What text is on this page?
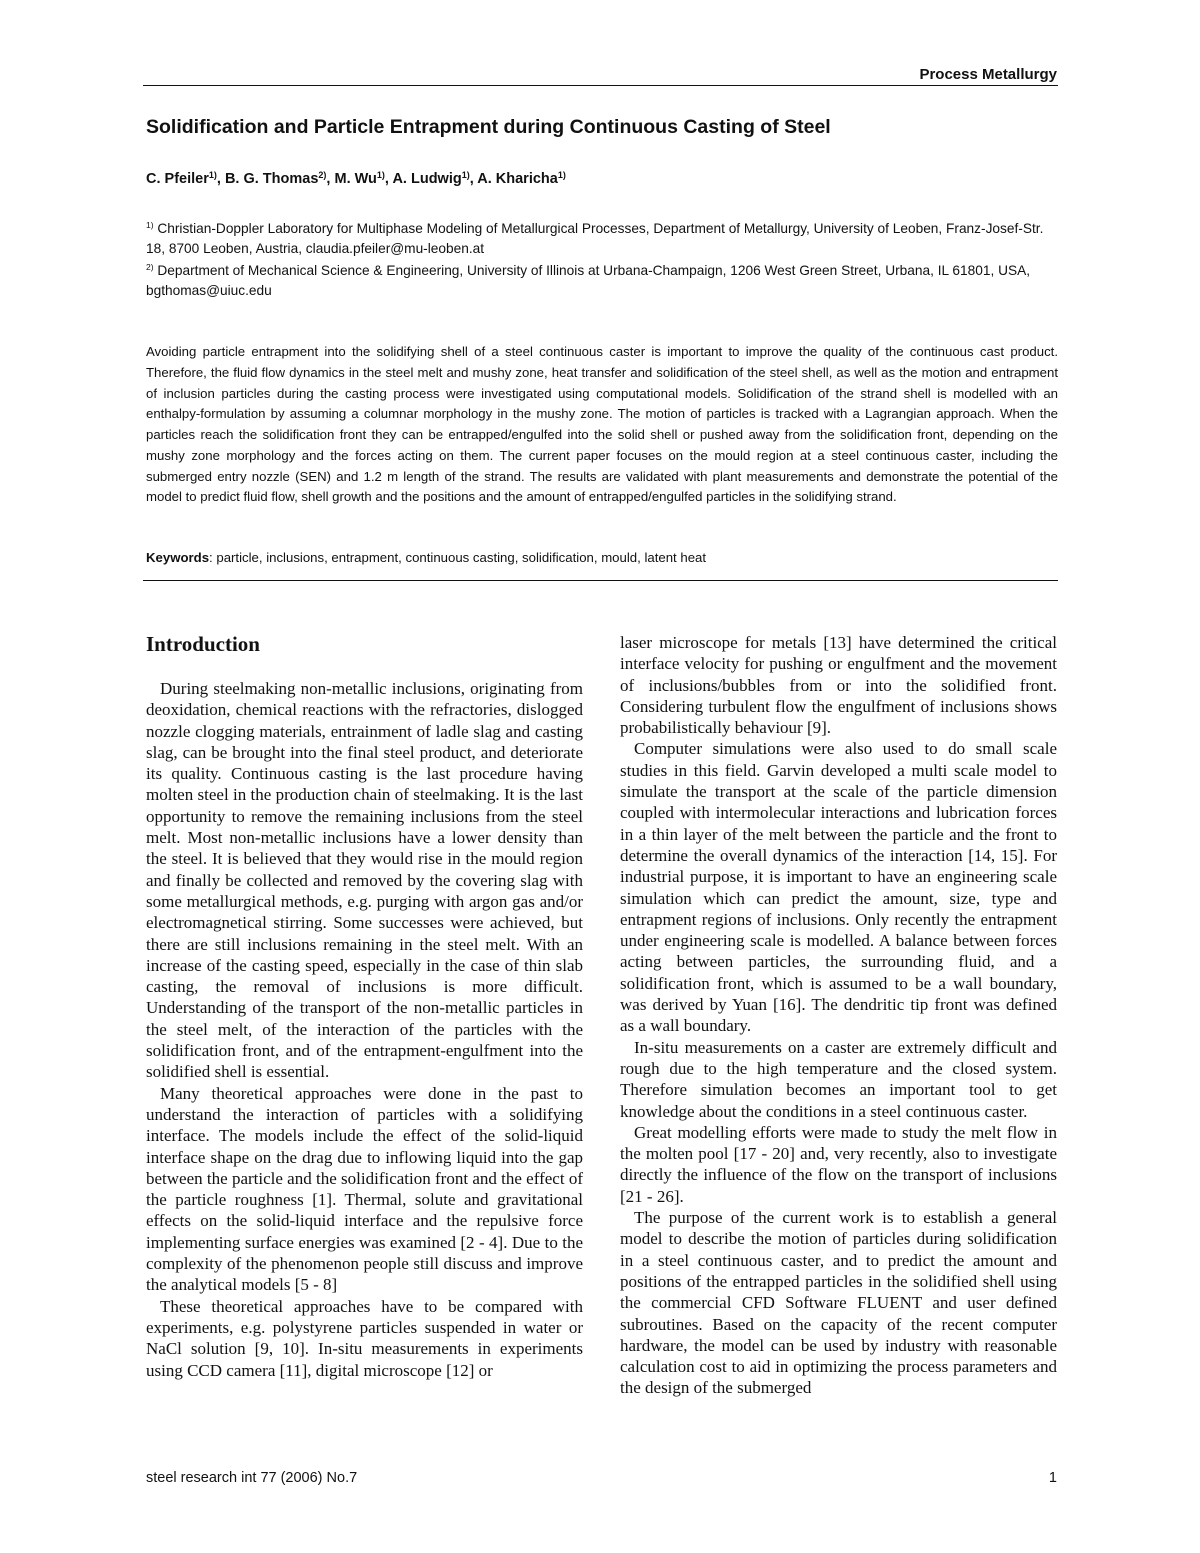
Process Metallurgy
Solidification and Particle Entrapment during Continuous Casting of Steel
C. Pfeiler$^{1)}$, B. G. Thomas$^{2)}$, M. Wu$^{1)}$, A. Ludwig$^{1)}$, A. Kharicha$^{1)}$
$^{1)}$ Christian-Doppler Laboratory for Multiphase Modeling of Metallurgical Processes, Department of Metallurgy, University of Leoben, Franz-Josef-Str. 18, 8700 Leoben, Austria, claudia.pfeiler@mu-leoben.at
$^{2)}$ Department of Mechanical Science & Engineering, University of Illinois at Urbana-Champaign, 1206 West Green Street, Urbana, IL 61801, USA, bgthomas@uiuc.edu
Avoiding particle entrapment into the solidifying shell of a steel continuous caster is important to improve the quality of the continuous cast product. Therefore, the fluid flow dynamics in the steel melt and mushy zone, heat transfer and solidification of the steel shell, as well as the motion and entrapment of inclusion particles during the casting process were investigated using computational models. Solidification of the strand shell is modelled with an enthalpy-formulation by assuming a columnar morphology in the mushy zone. The motion of particles is tracked with a Lagrangian approach. When the particles reach the solidification front they can be entrapped/engulfed into the solid shell or pushed away from the solidification front, depending on the mushy zone morphology and the forces acting on them. The current paper focuses on the mould region at a steel continuous caster, including the submerged entry nozzle (SEN) and 1.2 m length of the strand. The results are validated with plant measurements and demonstrate the potential of the model to predict fluid flow, shell growth and the positions and the amount of entrapped/engulfed particles in the solidifying strand.
Keywords: particle, inclusions, entrapment, continuous casting, solidification, mould, latent heat
Introduction

During steelmaking non-metallic inclusions, originating from deoxidation, chemical reactions with the refractories, dislogged nozzle clogging materials, entrainment of ladle slag and casting slag, can be brought into the final steel product, and deteriorate its quality. Continuous casting is the last procedure having molten steel in the production chain of steelmaking. It is the last opportunity to remove the remaining inclusions from the steel melt. Most non-metallic inclusions have a lower density than the steel. It is believed that they would rise in the mould region and finally be collected and removed by the covering slag with some metallurgical methods, e.g. purging with argon gas and/or electromagnetical stirring. Some successes were achieved, but there are still inclusions remaining in the steel melt. With an increase of the casting speed, especially in the case of thin slab casting, the removal of inclusions is more difficult. Understanding of the transport of the non-metallic particles in the steel melt, of the interaction of the particles with the solidification front, and of the entrapment-engulfment into the solidified shell is essential.

Many theoretical approaches were done in the past to understand the interaction of particles with a solidifying interface. The models include the effect of the solid-liquid interface shape on the drag due to inflowing liquid into the gap between the particle and the solidification front and the effect of the particle roughness [1]. Thermal, solute and gravitational effects on the solid-liquid interface and the repulsive force implementing surface energies was examined [2 - 4]. Due to the complexity of the phenomenon people still discuss and improve the analytical models [5 - 8]

These theoretical approaches have to be compared with experiments, e.g. polystyrene particles suspended in water or NaCl solution [9, 10]. In-situ measurements in experiments using CCD camera [11], digital microscope [12] or

laser microscope for metals [13] have determined the critical interface velocity for pushing or engulfment and the movement of inclusions/bubbles from or into the solidified front. Considering turbulent flow the engulfment of inclusions shows probabilistically behaviour [9].

Computer simulations were also used to do small scale studies in this field. Garvin developed a multi scale model to simulate the transport at the scale of the particle dimension coupled with intermolecular interactions and lubrication forces in a thin layer of the melt between the particle and the front to determine the overall dynamics of the interaction [14, 15]. For industrial purpose, it is important to have an engineering scale simulation which can predict the amount, size, type and entrapment regions of inclusions. Only recently the entrapment under engineering scale is modelled. A balance between forces acting between particles, the surrounding fluid, and a solidification front, which is assumed to be a wall boundary, was derived by Yuan [16]. The dendritic tip front was defined as a wall boundary.

In-situ measurements on a caster are extremely difficult and rough due to the high temperature and the closed system. Therefore simulation becomes an important tool to get knowledge about the conditions in a steel continuous caster.

Great modelling efforts were made to study the melt flow in the molten pool [17 - 20] and, very recently, also to investigate directly the influence of the flow on the transport of inclusions [21 - 26].

The purpose of the current work is to establish a general model to describe the motion of particles during solidification in a steel continuous caster, and to predict the amount and positions of the entrapped particles in the solidified shell using the commercial CFD Software FLUENT and user defined subroutines. Based on the capacity of the recent computer hardware, the model can be used by industry with reasonable calculation cost to aid in optimizing the process parameters and the design of the submerged

steel research int 77 (2006) No.7	1
